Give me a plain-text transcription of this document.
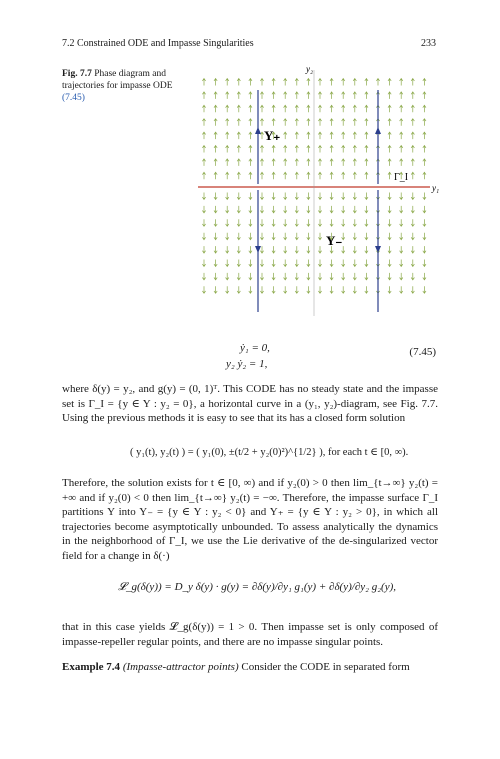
7.2 Constrained ODE and Impasse Singularities	233
Fig. 7.7 Phase diagram and trajectories for impasse ODE (7.45)
y₂
y₁
Y₊
Y₋
Γ_I
ẏ₁ = 0,
y₂ ẏ₂ = 1,
(7.45)
where δ(y) = y₂, and g(y) = (0, 1)ᵀ. This CODE has no steady state and the impasse set is Γ_I = {y ∈ Y : y₂ = 0}, a horizontal curve in a (y₁, y₂)-diagram, see Fig. 7.7. Using the previous methods it is easy to see that its has a closed form solution
( y₁(t), y₂(t) ) = ( y₁(0), ±(t/2 + y₂(0)²)^{1/2} ), for each t ∈ [0, ∞).
Therefore, the solution exists for t ∈ [0, ∞) and if y₂(0) > 0 then lim_{t→∞} y₂(t) = +∞ and if y₂(0) < 0 then lim_{t→∞} y₂(t) = −∞. Therefore, the impasse surface Γ_I partitions Y into Y₋ = {y ∈ Y : y₂ < 0} and Y₊ = {y ∈ Y : y₂ > 0}, in which all trajectories become asymptotically unbounded. To assess analytically the dynamics in the neighborhood of Γ_I, we use the Lie derivative of the de-singularized vector field for a change in δ(·)
𝓛_g(δ(y)) = D_y δ(y) · g(y) = ∂δ(y)/∂y₁ g₁(y) + ∂δ(y)/∂y₂ g₂(y),
that in this case yields 𝓛_g(δ(y)) = 1 > 0. Then impasse set is only composed of impasse-repeller regular points, and there are no impasse singular points.
Example 7.4 (Impasse-attractor points) Consider the CODE in separated form
